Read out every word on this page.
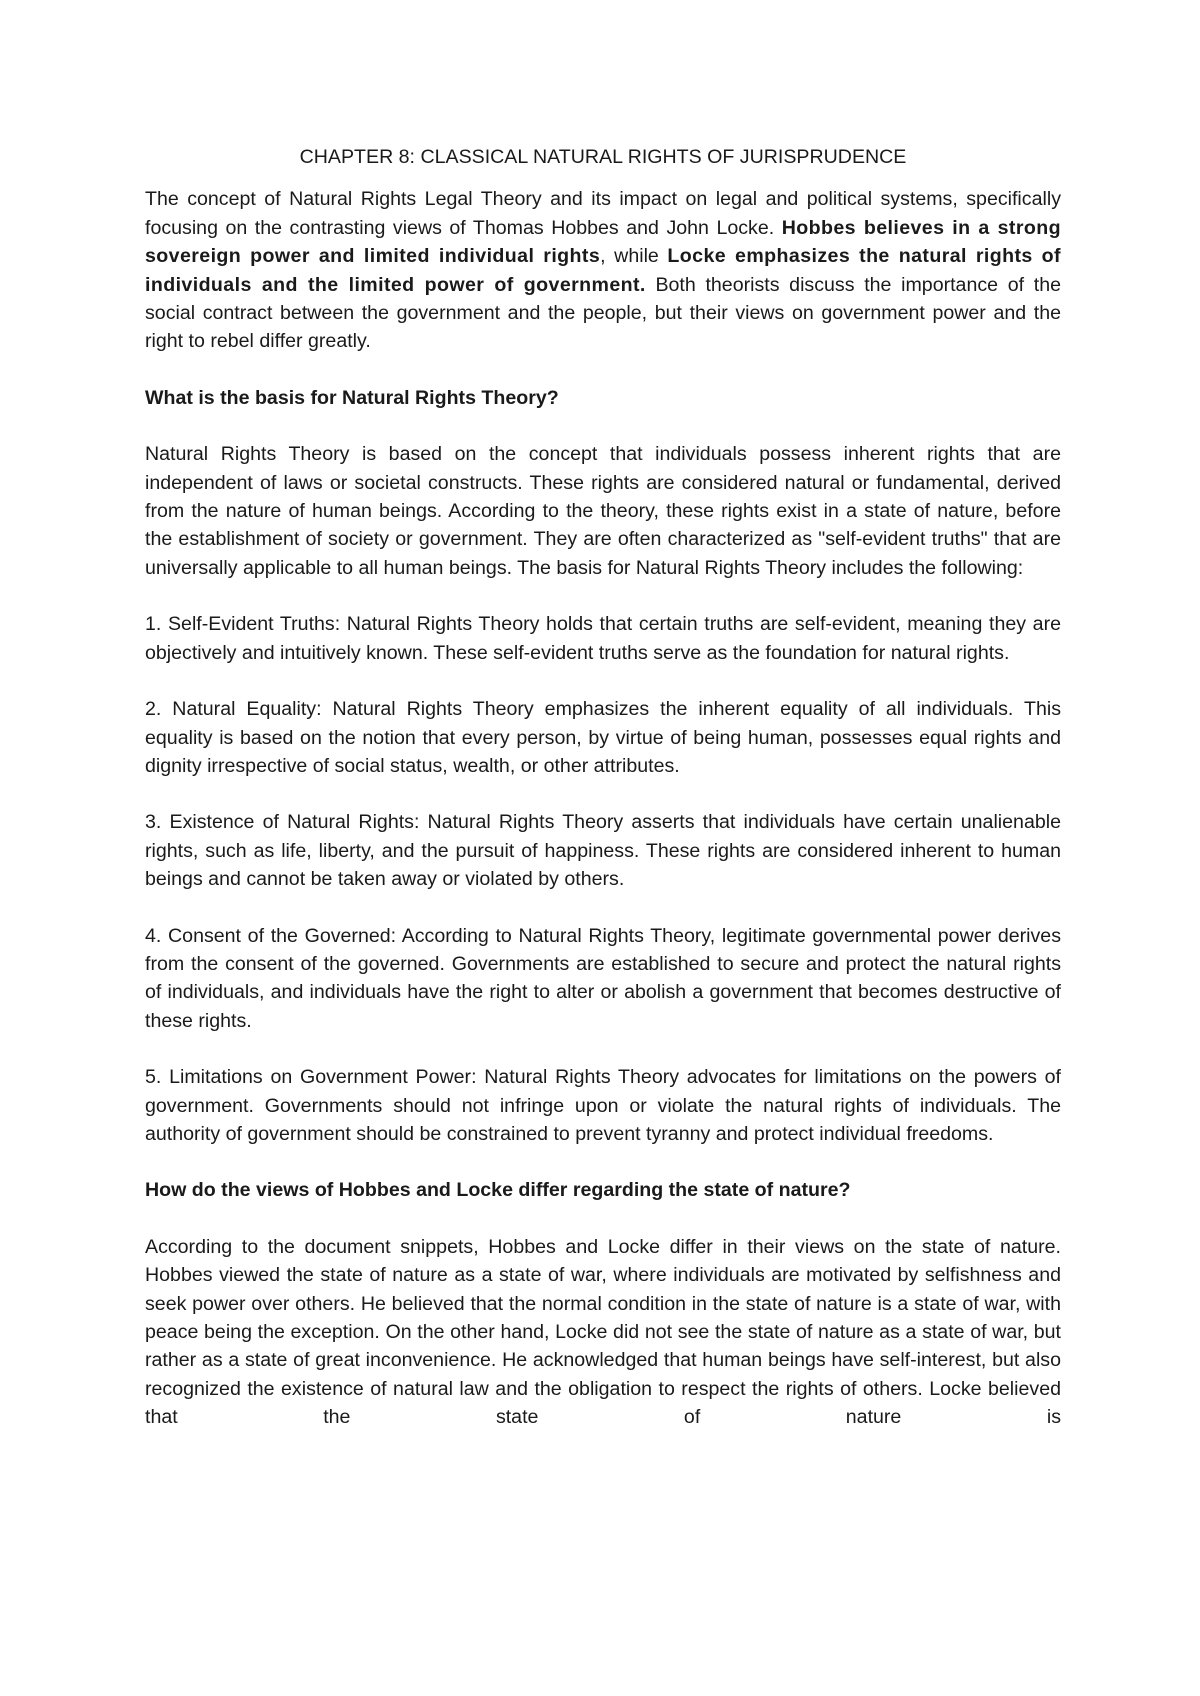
CHAPTER 8: CLASSICAL NATURAL RIGHTS OF JURISPRUDENCE

The concept of Natural Rights Legal Theory and its impact on legal and political systems, specifically focusing on the contrasting views of Thomas Hobbes and John Locke. Hobbes believes in a strong sovereign power and limited individual rights, while Locke emphasizes the natural rights of individuals and the limited power of government. Both theorists discuss the importance of the social contract between the government and the people, but their views on government power and the right to rebel differ greatly.

What is the basis for Natural Rights Theory?

Natural Rights Theory is based on the concept that individuals possess inherent rights that are independent of laws or societal constructs. These rights are considered natural or fundamental, derived from the nature of human beings. According to the theory, these rights exist in a state of nature, before the establishment of society or government. They are often characterized as "self-evident truths" that are universally applicable to all human beings. The basis for Natural Rights Theory includes the following:

1. Self-Evident Truths: Natural Rights Theory holds that certain truths are self-evident, meaning they are objectively and intuitively known. These self-evident truths serve as the foundation for natural rights.

2. Natural Equality: Natural Rights Theory emphasizes the inherent equality of all individuals. This equality is based on the notion that every person, by virtue of being human, possesses equal rights and dignity irrespective of social status, wealth, or other attributes.

3. Existence of Natural Rights: Natural Rights Theory asserts that individuals have certain unalienable rights, such as life, liberty, and the pursuit of happiness. These rights are considered inherent to human beings and cannot be taken away or violated by others.

4. Consent of the Governed: According to Natural Rights Theory, legitimate governmental power derives from the consent of the governed. Governments are established to secure and protect the natural rights of individuals, and individuals have the right to alter or abolish a government that becomes destructive of these rights.

5. Limitations on Government Power: Natural Rights Theory advocates for limitations on the powers of government. Governments should not infringe upon or violate the natural rights of individuals. The authority of government should be constrained to prevent tyranny and protect individual freedoms.

How do the views of Hobbes and Locke differ regarding the state of nature?

According to the document snippets, Hobbes and Locke differ in their views on the state of nature. Hobbes viewed the state of nature as a state of war, where individuals are motivated by selfishness and seek power over others. He believed that the normal condition in the state of nature is a state of war, with peace being the exception. On the other hand, Locke did not see the state of nature as a state of war, but rather as a state of great inconvenience. He acknowledged that human beings have self-interest, but also recognized the existence of natural law and the obligation to respect the rights of others. Locke believed that the state of nature is
